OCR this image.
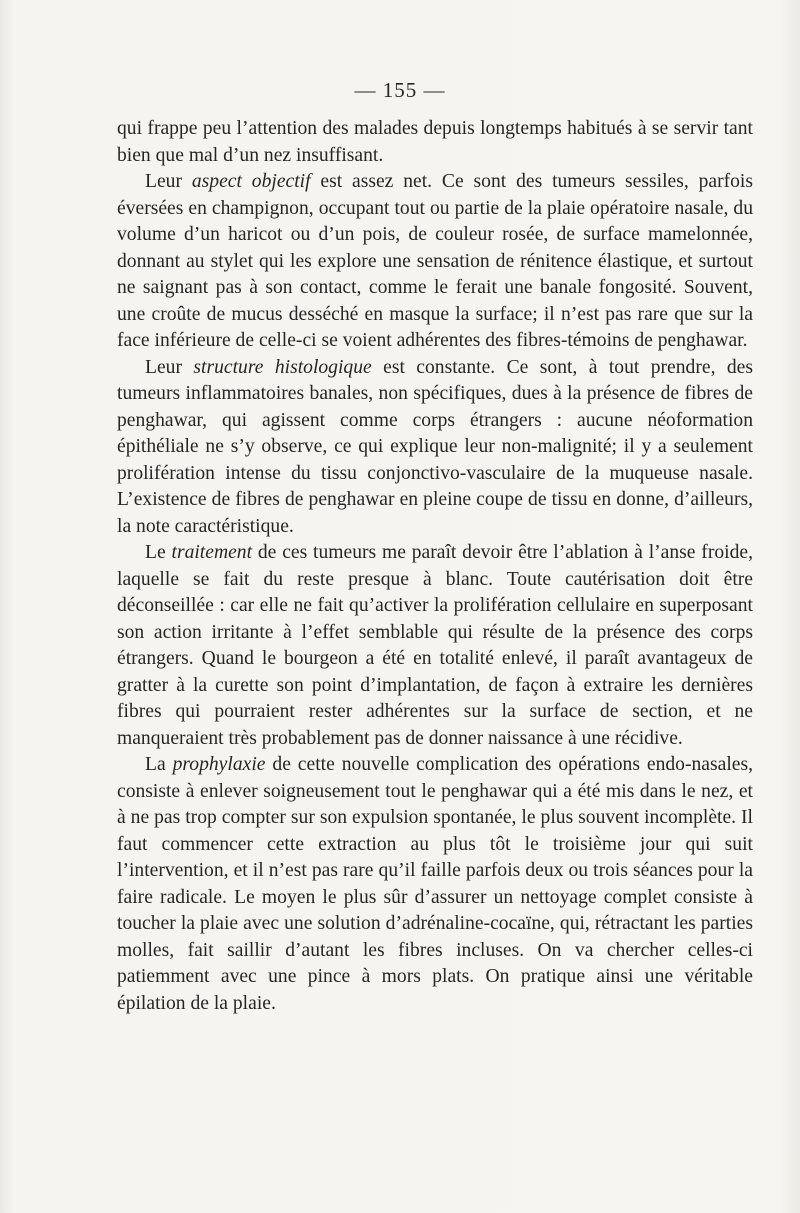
— 155 —

qui frappe peu l’attention des malades depuis longtemps habitués à se servir tant bien que mal d’un nez insuffisant.

Leur aspect objectif est assez net. Ce sont des tumeurs sessiles, parfois éversées en champignon, occupant tout ou partie de la plaie opératoire nasale, du volume d’un haricot ou d’un pois, de couleur rosée, de surface mamelonnée, donnant au stylet qui les explore une sensation de rénitence élastique, et surtout ne saignant pas à son contact, comme le ferait une banale fongosité. Souvent, une croûte de mucus desséché en masque la surface; il n’est pas rare que sur la face inférieure de celle-ci se voient adhérentes des fibres-témoins de penghawar.

Leur structure histologique est constante. Ce sont, à tout prendre, des tumeurs inflammatoires banales, non spécifiques, dues à la présence de fibres de penghawar, qui agissent comme corps étrangers : aucune néoformation épithéliale ne s’y observe, ce qui explique leur non-malignité; il y a seulement prolifération intense du tissu conjonctivo-vasculaire de la muqueuse nasale. L’existence de fibres de penghawar en pleine coupe de tissu en donne, d’ailleurs, la note caractéristique.

Le traitement de ces tumeurs me paraît devoir être l’ablation à l’anse froide, laquelle se fait du reste presque à blanc. Toute cautérisation doit être déconseillée : car elle ne fait qu’activer la prolifération cellulaire en superposant son action irritante à l’effet semblable qui résulte de la présence des corps étrangers. Quand le bourgeon a été en totalité enlevé, il paraît avantageux de gratter à la curette son point d’implantation, de façon à extraire les dernières fibres qui pourraient rester adhérentes sur la surface de section, et ne manqueraient très probablement pas de donner naissance à une récidive.

La prophylaxie de cette nouvelle complication des opérations endo-nasales, consiste à enlever soigneusement tout le penghawar qui a été mis dans le nez, et à ne pas trop compter sur son expulsion spontanée, le plus souvent incomplète. Il faut commencer cette extraction au plus tôt le troisième jour qui suit l’intervention, et il n’est pas rare qu’il faille parfois deux ou trois séances pour la faire radicale. Le moyen le plus sûr d’assurer un nettoyage complet consiste à toucher la plaie avec une solution d’adrénaline-cocaïne, qui, rétractant les parties molles, fait saillir d’autant les fibres incluses. On va chercher celles-ci patiemment avec une pince à mors plats. On pratique ainsi une véritable épilation de la plaie.
